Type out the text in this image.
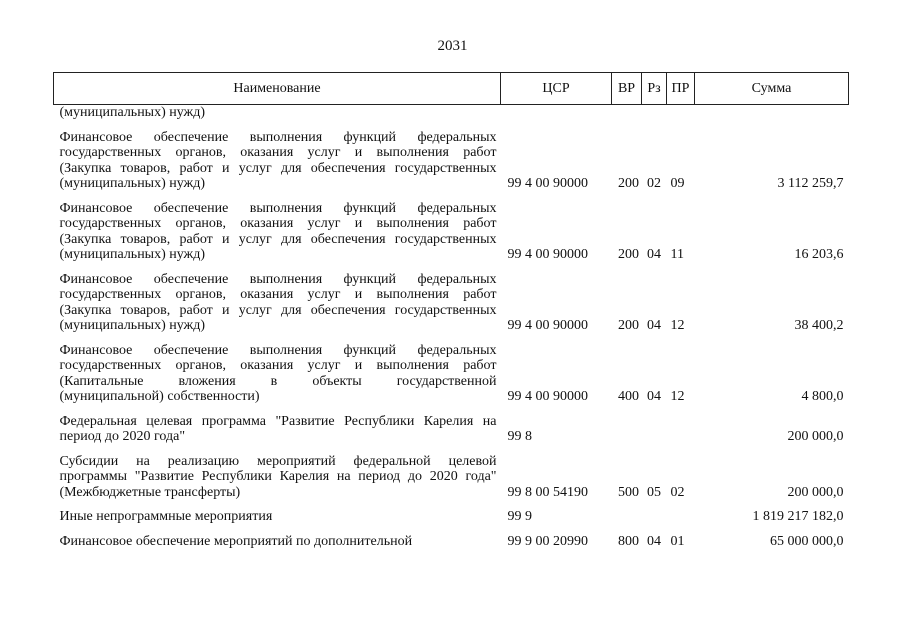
2031
Наименование	ЦСР	ВР	Рз	ПР	Сумма

(муниципальных) нужд)					

Финансовое обеспечение выполнения функций федеральных
государственных органов, оказания услуг и выполнения работ
(Закупка товаров, работ и услуг для обеспечения государственных
(муниципальных) нужд)	99 4 00 90000	200	02	09	3 112 259,7

Финансовое обеспечение выполнения функций федеральных
государственных органов, оказания услуг и выполнения работ
(Закупка товаров, работ и услуг для обеспечения государственных
(муниципальных) нужд)	99 4 00 90000	200	04	11	16 203,6

Финансовое обеспечение выполнения функций федеральных
государственных органов, оказания услуг и выполнения работ
(Закупка товаров, работ и услуг для обеспечения государственных
(муниципальных) нужд)	99 4 00 90000	200	04	12	38 400,2

Финансовое обеспечение выполнения функций федеральных
государственных органов, оказания услуг и выполнения работ
(Капитальные вложения в объекты государственной
(муниципальной) собственности)	99 4 00 90000	400	04	12	4 800,0

Федеральная целевая программа "Развитие Республики Карелия на
период до 2020 года"	99 8				200 000,0

Субсидии на реализацию мероприятий федеральной целевой
программы "Развитие Республики Карелия на период до 2020 года"
(Межбюджетные трансферты)	99 8 00 54190	500	05	02	200 000,0

Иные непрограммные мероприятия	99 9				1 819 217 182,0

Финансовое обеспечение мероприятий по дополнительной	99 9 00 20990	800	04	01	65 000 000,0
